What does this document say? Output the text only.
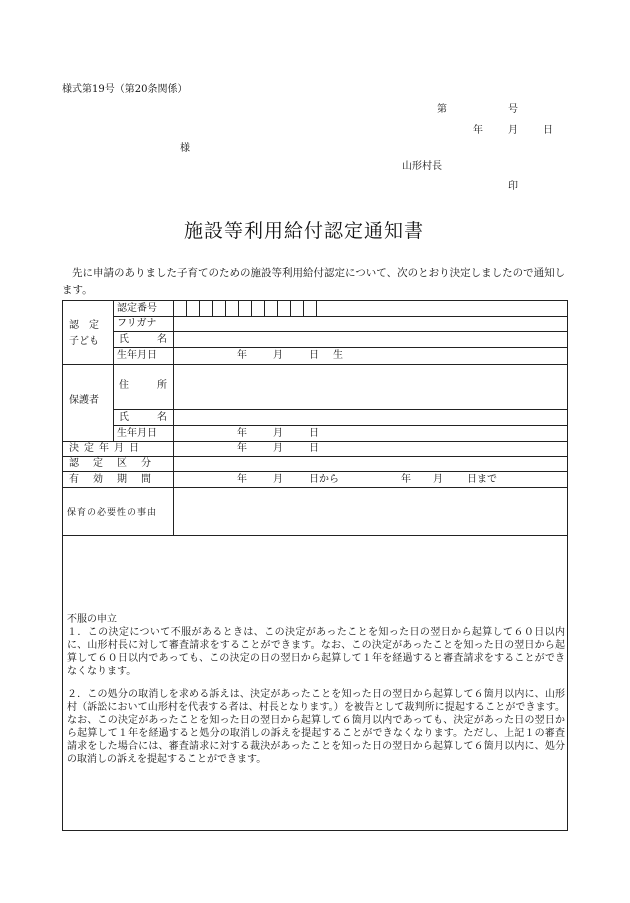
様式第19号（第20条関係）
第	号
年	月	日
様
山形村長
印
施設等利用給付認定通知書
先に申請のありました子育てのための施設等利用給付認定について、次のとおり決定しましたので通知します。
認　定
子ども
認定番号
フリガナ
氏	名
生年月日	年	月	日 生
保護者
住	所
氏	名
生年月日	年	月	日
決定年月日	年	月	日
認定区分
有効期間	年	月	日から	年 月 日まで
保育の必要性の事由

不服の申立

１．この決定について不服があるときは、この決定があったことを知った日の翌日から起算して６０日以内に、山形村長に対して審査請求をすることができます。なお、この決定があったことを知った日の翌日から起算して６０日以内であっても、この決定の日の翌日から起算して１年を経過すると審査請求をすることができなくなります。

２．この処分の取消しを求める訴えは、決定があったことを知った日の翌日から起算して６箇月以内に、山形村（訴訟において山形村を代表する者は、村長となります。）を被告として裁判所に提起することができます。なお、この決定があったことを知った日の翌日から起算して６箇月以内であっても、決定があった日の翌日から起算して１年を経過すると処分の取消しの訴えを提起することができなくなります。ただし、上記１の審査請求をした場合には、審査請求に対する裁決があったことを知った日の翌日から起算して６箇月以内に、処分の取消しの訴えを提起することができます。
